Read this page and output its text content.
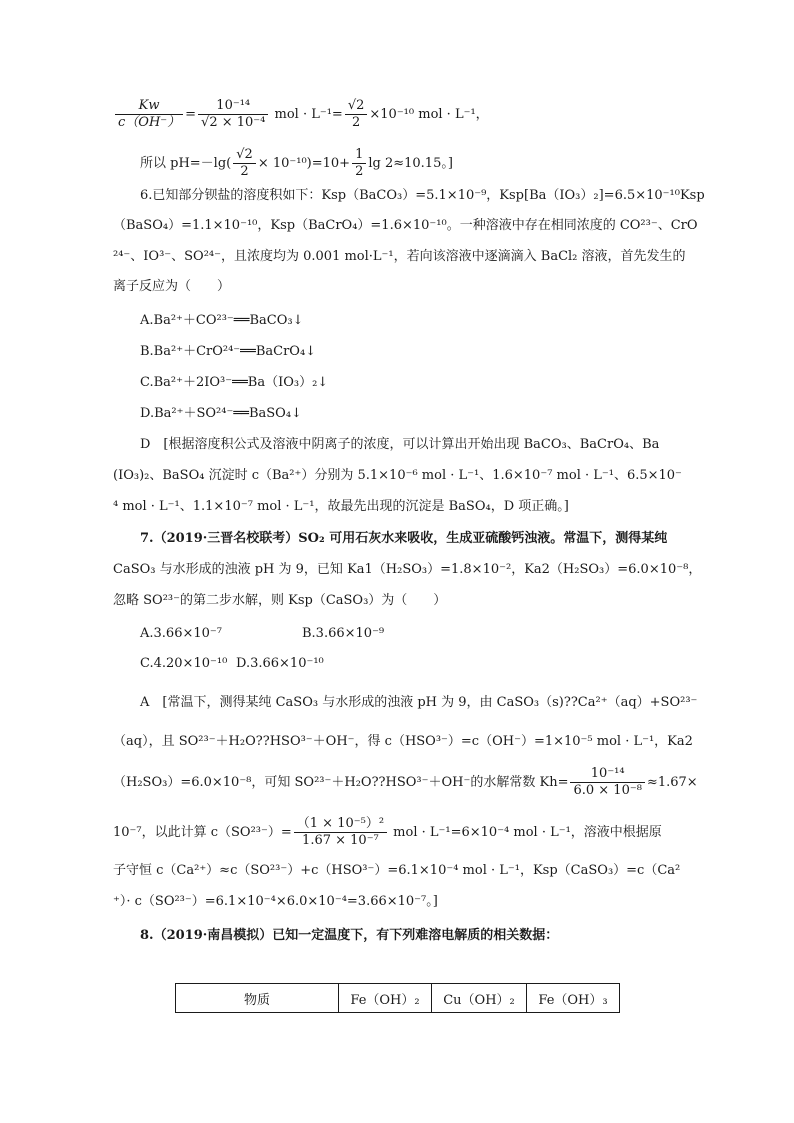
$\frac{Kw}{c(OH^-)} = \frac{\text{10⁻¹⁴}}{\text{√2 × 10⁻⁴}}$ mol · $L^{-1}= \frac{√2}{2} \times 10^{-10}$ mol · L⁻¹，
所以 $pH=-\lg( \frac{√2}{2} \times 10^{-10})=10+ \frac{1}{2}$ lg 2≈10.15。]
6.已知部分钡盐的溶度积如下：Ksp（BaCO₃）=5.1×10⁻⁹，Ksp[Ba（IO₃）₂]=6.5×10⁻¹⁰Ksp
（BaSO₄）=1.1×10⁻¹⁰，Ksp（BaCrO₄）=1.6×10⁻¹⁰。一种溶液中存在相同浓度的 CO²³⁻、CrO
²⁴⁻、IO³⁻、SO²⁴⁻，且浓度均为 0.001 mol·L⁻¹，若向该溶液中逐滴滴入 BaCl₂ 溶液，首先发生的
离子反应为（　　）
A.Ba²⁺＋CO²³⁻══BaCO₃↓
B.Ba²⁺＋CrO²⁴⁻══BaCrO₄↓
C.Ba²⁺＋2IO³⁻══Ba（IO₃）₂↓
D.Ba²⁺＋SO²⁴⁻══BaSO₄↓
D　[根据溶度积公式及溶液中阴离子的浓度，可以计算出开始出现 BaCO₃、BaCrO₄、Ba
(IO₃)₂、BaSO₄ 沉淀时 c（Ba²⁺）分别为 5.1×10⁻⁶ mol · L⁻¹、1.6×10⁻⁷ mol · L⁻¹、6.5×10⁻
⁴ mol · L⁻¹、1.1×10⁻⁷ mol · L⁻¹，故最先出现的沉淀是 BaSO₄，D 项正确。]
7.（2019·三晋名校联考）SO₂ 可用石灰水来吸收，生成亚硫酸钙浊液。常温下，测得某纯
CaSO₃ 与水形成的浊液 pH 为 9，已知 Ka1（H₂SO₃）=1.8×10⁻²，Ka2（H₂SO₃）=6.0×10⁻⁸，
忽略 SO²³⁻的第二步水解，则 Ksp（CaSO₃）为（　　）
A.3.66×10⁻⁷	B.3.66×10⁻⁹
C.4.20×10⁻¹⁰ D.3.66×10⁻¹⁰
A　[常温下，测得某纯 CaSO₃ 与水形成的浊液 pH 为 9，由 CaSO₃（s)??Ca²⁺（aq）+SO²³⁻
（aq），且 SO²³⁻＋H₂O??HSO³⁻＋OH⁻，得 c（HSO³⁻）=c（OH⁻）=1×10⁻⁵ mol · L⁻¹，Ka2
（H₂SO₃）=6.0×10⁻⁸，可知 SO²³⁻＋H₂O??HSO³⁻＋OH⁻的水解常数 $Kh= \frac{\text{10⁻¹⁴}}{\text{6.0 × 10⁻⁸}} \approx 1.67\times$
10⁻⁷，以此计算 $c(SO^{23-})= \frac{\text{（1 × 10⁻⁵）²}}{\text{1.67 × 10⁻⁷}}$ mol · L⁻¹=6×10⁻⁴ mol · L⁻¹，溶液中根据原
子守恒 c（Ca²⁺）≈c（SO²³⁻）+c（HSO³⁻）=6.1×10⁻⁴ mol · L⁻¹，Ksp（CaSO₃）=c（Ca²
⁺）· c（SO²³⁻）=6.1×10⁻⁴×6.0×10⁻⁴=3.66×10⁻⁷。]
8.（2019·南昌模拟）已知一定温度下，有下列难溶电解质的相关数据：
物质	Fe（OH）₂	Cu（OH）₂	Fe（OH）₃
